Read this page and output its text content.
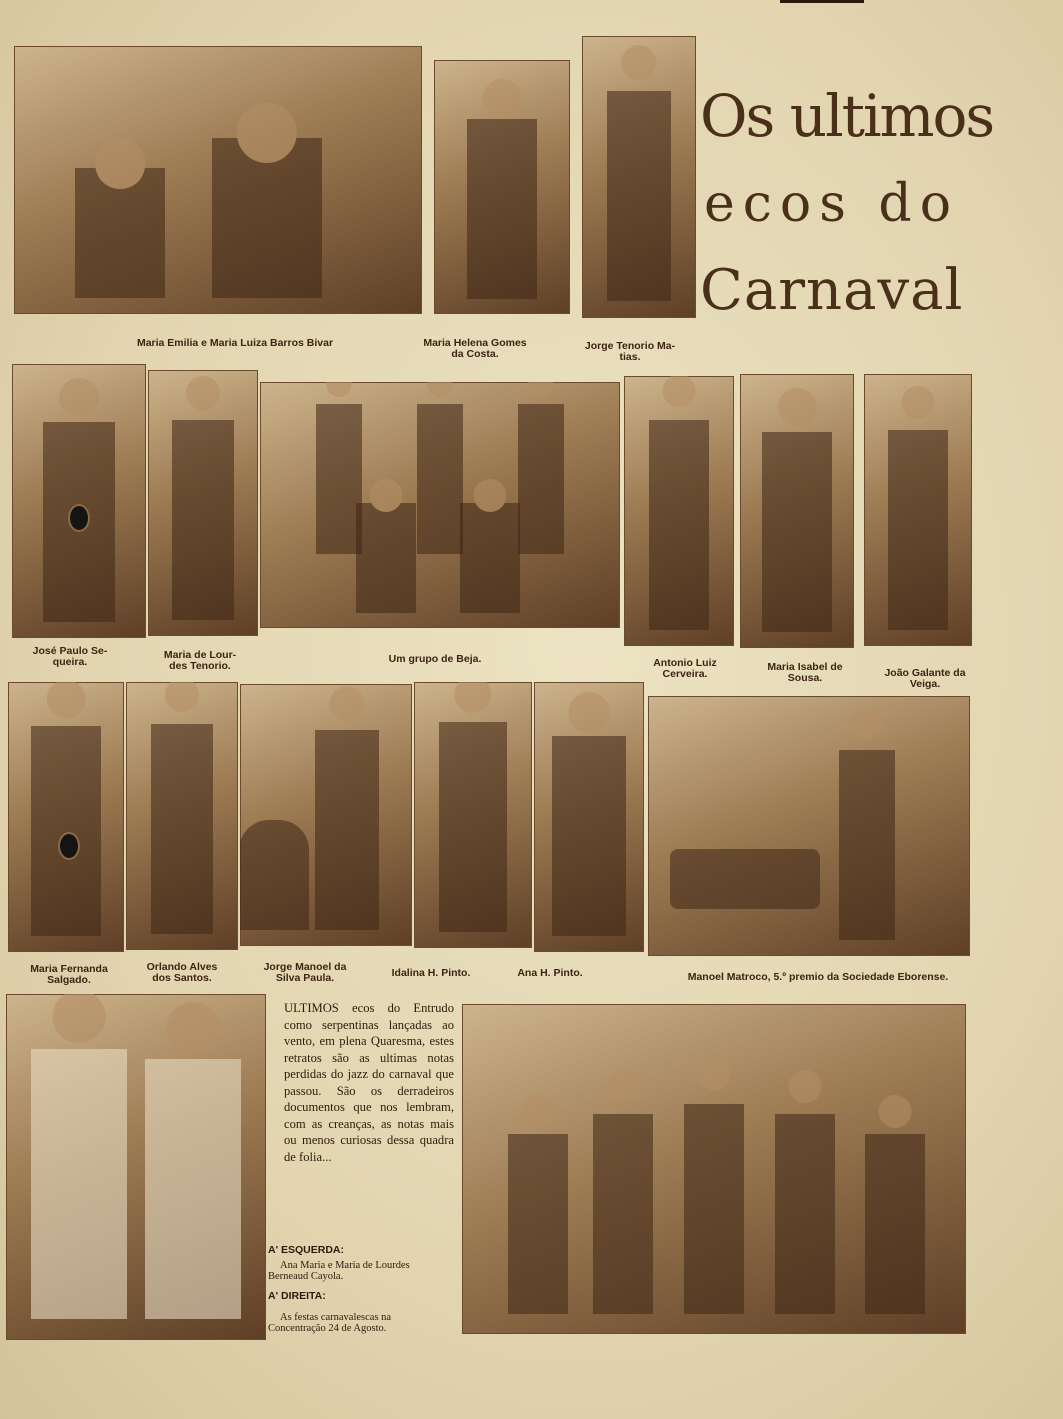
Os ultimos
ecos do
Carnaval
Maria Emilia e Maria Luiza Barros Bivar	Maria Helena Gomes
da Costa.
Jorge Tenorio Ma-
tias.
José Paulo Se-
queira.
Maria de Lour-
des Tenorio.
Um grupo de Beja.	Antonio Luiz
Cerveira.
Maria Isabel de
Sousa.	João Galante da
Veiga.
Maria Fernanda
Salgado.
Orlando Alves
dos Santos.
Jorge Manoel da
Silva Paula.	Idalina H. Pinto.	Ana H. Pinto.	Manoel Matroco, 5.º premio da Sociedade Eborense.
ULTIMOS ecos do Entrudo como serpentinas lançadas ao vento, em plena Quaresma, estes retratos são as ultimas notas perdidas do jazz do carnaval que passou. São os derradeiros documentos que nos lembram, com as creanças, as notas mais ou menos curiosas dessa quadra de folia...
A' ESQUERDA:
Ana Maria e Maria de Lourdes Berneaud Cayola.
A' DIREITA:
As festas carnavalescas na Concentração 24 de Agosto.
